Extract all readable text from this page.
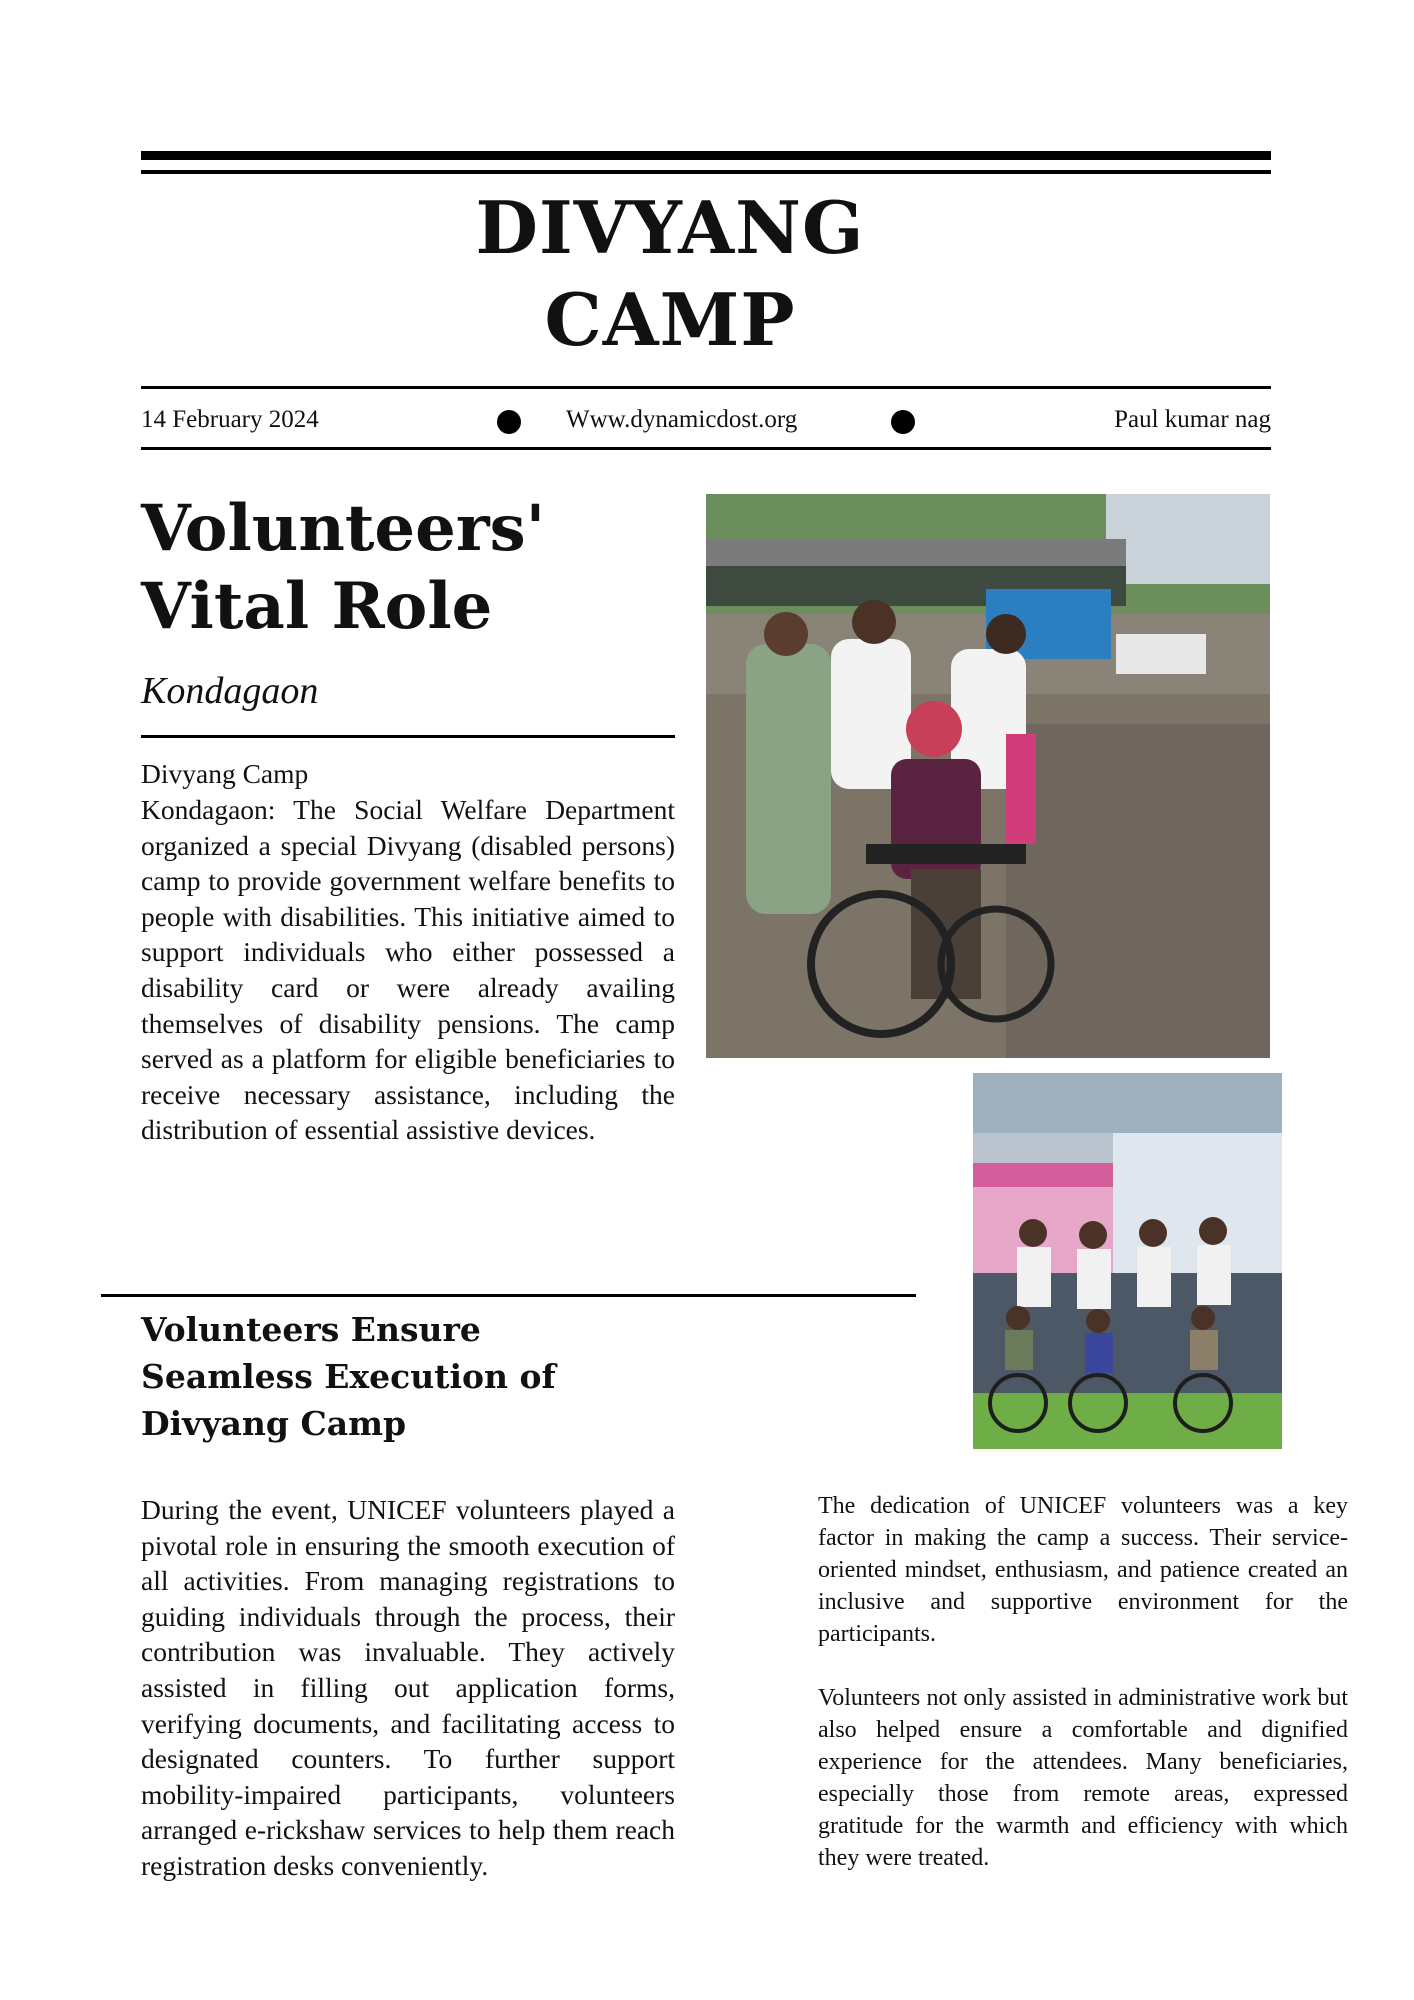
DIVYANG CAMP
14 February 2024	Www.dynamicdost.org	Paul kumar nag
Volunteers' Vital Role
Kondagaon
Divyang Camp
Kondagaon: The Social Welfare Department organized a special Divyang (disabled persons) camp to provide government welfare benefits to people with disabilities. This initiative aimed to support individuals who either possessed a disability card or were already availing themselves of disability pensions. The camp served as a platform for eligible beneficiaries to receive necessary assistance, including the distribution of essential assistive devices.
Volunteers Ensure Seamless Execution of Divyang Camp
During the event, UNICEF volunteers played a pivotal role in ensuring the smooth execution of all activities. From managing registrations to guiding individuals through the process, their contribution was invaluable. They actively assisted in filling out application forms, verifying documents, and facilitating access to designated counters. To further support mobility-impaired participants, volunteers arranged e-rickshaw services to help them reach registration desks conveniently.
The dedication of UNICEF volunteers was a key factor in making the camp a success. Their service-oriented mindset, enthusiasm, and patience created an inclusive and supportive environment for the participants.
Volunteers not only assisted in administrative work but also helped ensure a comfortable and dignified experience for the attendees. Many beneficiaries, especially those from remote areas, expressed gratitude for the warmth and efficiency with which they were treated.
